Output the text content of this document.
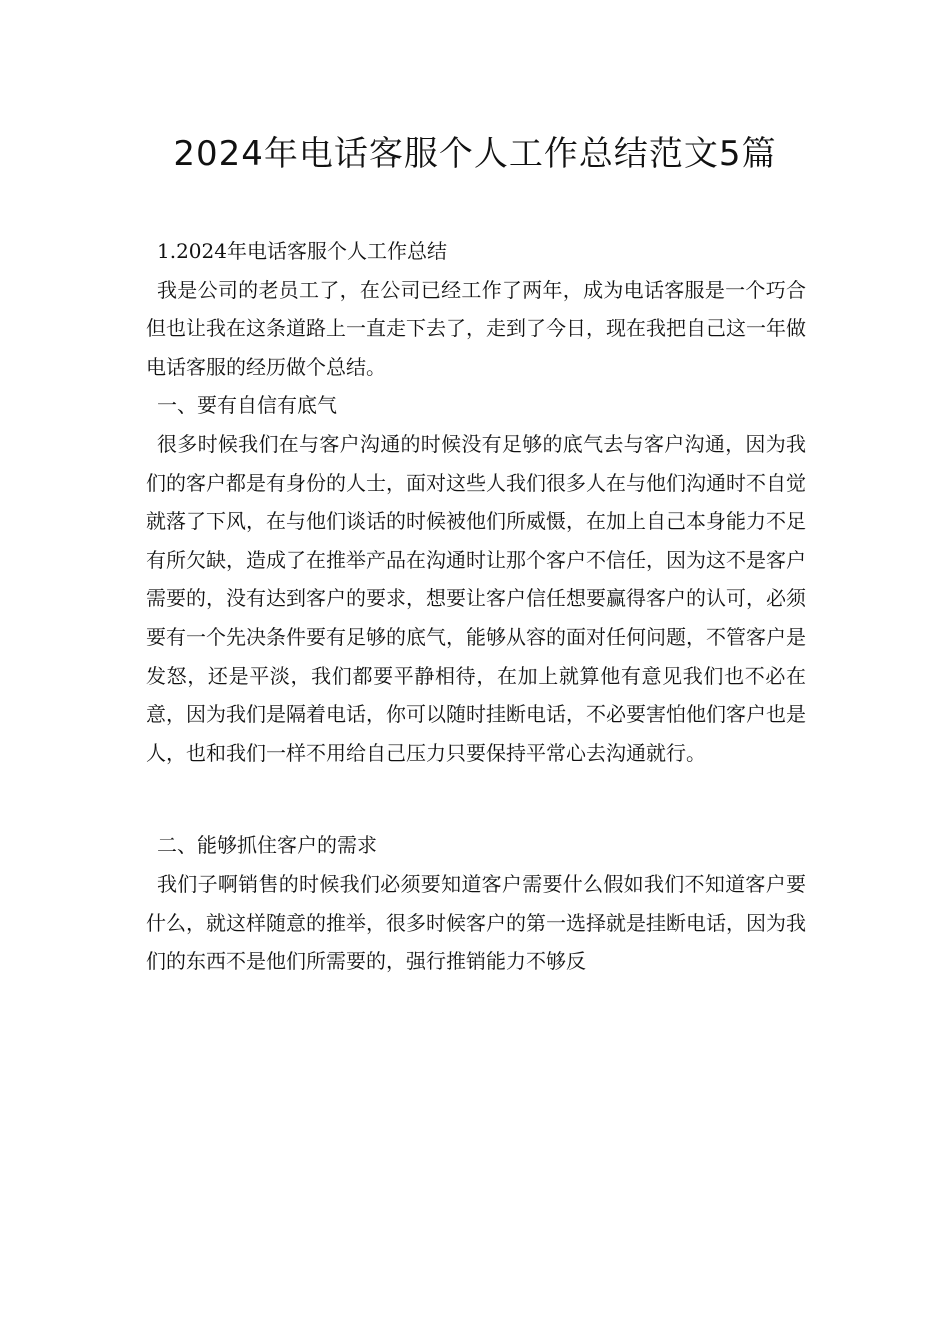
2024年电话客服个人工作总结范文5篇

1.2024年电话客服个人工作总结

我是公司的老员工了，在公司已经工作了两年，成为电话客服是一个巧合但也让我在这条道路上一直走下去了，走到了今日，现在我把自己这一年做电话客服的经历做个总结。

一、要有自信有底气

很多时候我们在与客户沟通的时候没有足够的底气去与客户沟通，因为我们的客户都是有身份的人士，面对这些人我们很多人在与他们沟通时不自觉就落了下风，在与他们谈话的时候被他们所威慑，在加上自己本身能力不足有所欠缺，造成了在推举产品在沟通时让那个客户不信任，因为这不是客户需要的，没有达到客户的要求，想要让客户信任想要赢得客户的认可，必须要有一个先决条件要有足够的底气，能够从容的面对任何问题，不管客户是发怒，还是平淡，我们都要平静相待，在加上就算他有意见我们也不必在意，因为我们是隔着电话，你可以随时挂断电话，不必要害怕他们客户也是人，也和我们一样不用给自己压力只要保持平常心去沟通就行。

二、能够抓住客户的需求

我们子啊销售的时候我们必须要知道客户需要什么假如我们不知道客户要什么，就这样随意的推举，很多时候客户的第一选择就是挂断电话，因为我们的东西不是他们所需要的，强行推销能力不够反
